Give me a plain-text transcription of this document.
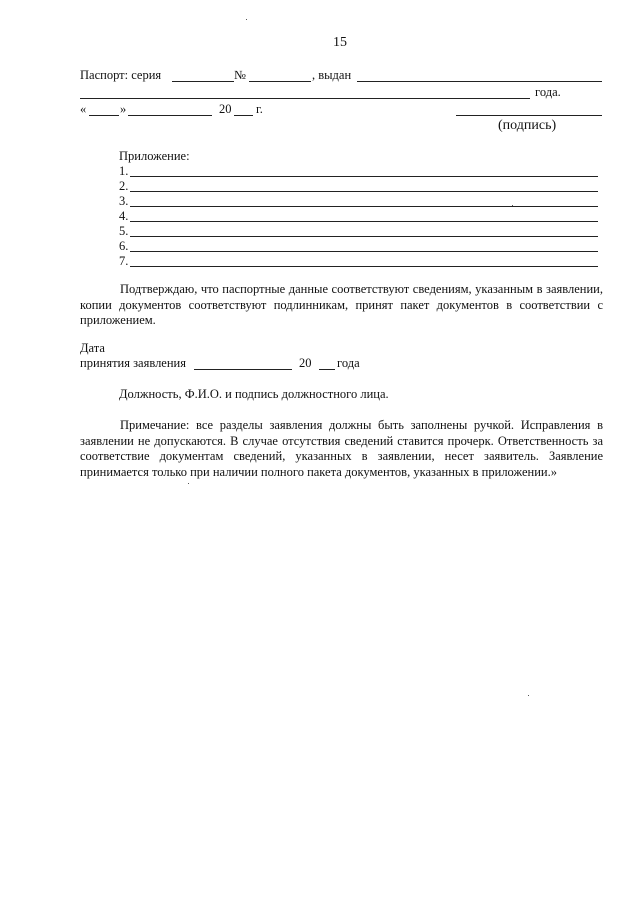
15
Паспорт: серия	№	, выдан
года.
«	»	20 г.
(подпись)
Приложение:
1.
2.
3.
4.
5.
6.
7.
Подтверждаю, что паспортные данные соответствуют сведениям, указанным в заявлении, копии документов соответствуют подлинникам, принят пакет документов в соответствии с приложением.
Дата
принятия заявления	20 года
Должность, Ф.И.О. и подпись должностного лица.
Примечание: все разделы заявления должны быть заполнены ручкой. Исправления в заявлении не допускаются. В случае отсутствия сведений ставится прочерк. Ответственность за соответствие документам сведений, указанных в заявлении, несет заявитель. Заявление принимается только при наличии полного пакета документов, указанных в приложении.»
